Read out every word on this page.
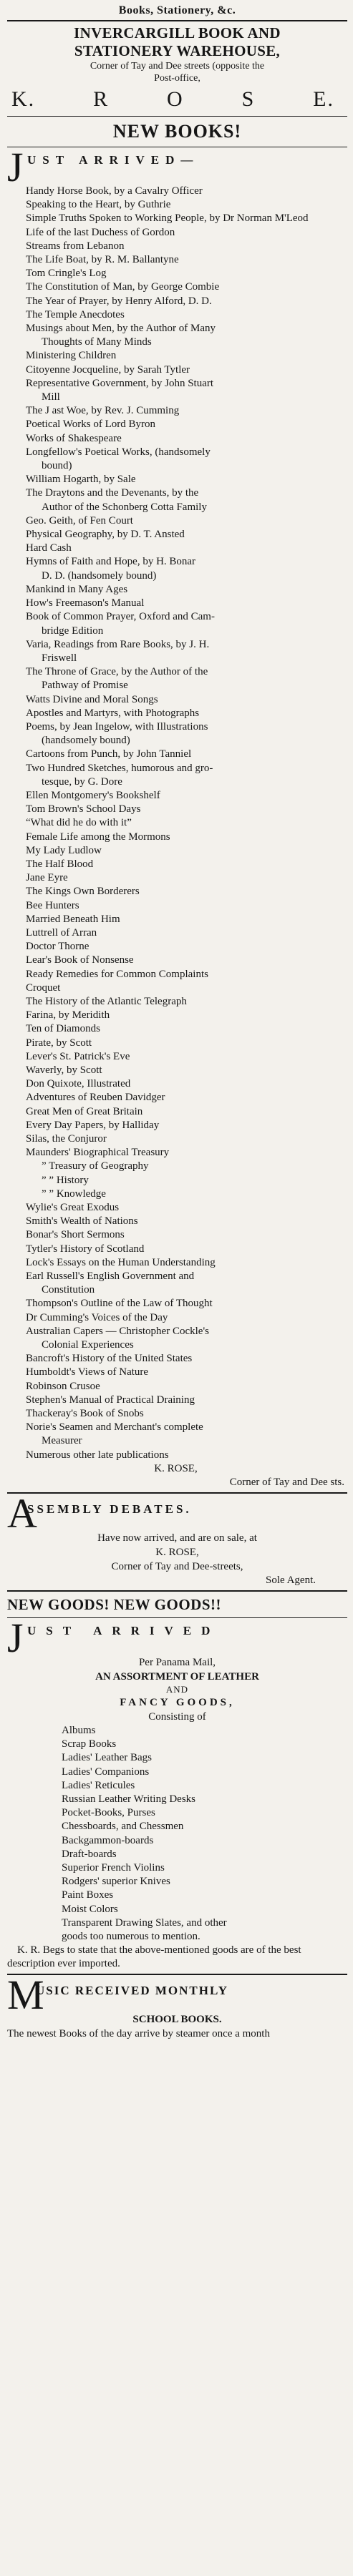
Books, Stationery, &c.
INVERCARGILL BOOK AND
STATIONERY WAREHOUSE,
Corner of Tay and Dee streets (opposite the
Post-office,
K.	R	O	S	E.
NEW BOOKS!
J UST ARRIVED—
Handy Horse Book, by a Cavalry Officer
Speaking to the Heart, by Guthrie
Simple Truths Spoken to Working People, by Dr Norman M'Leod
Life of the last Duchess of Gordon
Streams from Lebanon
The Life Boat, by R. M. Ballantyne
Tom Cringle's Log
The Constitution of Man, by George Combie
The Year of Prayer, by Henry Alford, D. D.
The Temple Anecdotes
Musings about Men, by the Author of Many
Thoughts of Many Minds
Ministering Children
Citoyenne Jocqueline, by Sarah Tytler
Representative Government, by John Stuart
Mill
The J ast Woe, by Rev. J. Cumming
Poetical Works of Lord Byron
Works of Shakespeare
Longfellow's Poetical Works, (handsomely
bound)
William Hogarth, by Sale
The Draytons and the Devenants, by the
Author of the Schonberg Cotta Family
Geo. Geith, of Fen Court
Physical Geography, by D. T. Ansted
Hard Cash
Hymns of Faith and Hope, by H. Bonar
D. D. (handsomely bound)
Mankind in Many Ages
How's Freemason's Manual
Book of Common Prayer, Oxford and Cam-
bridge Edition
Varia, Readings from Rare Books, by J. H.
Friswell
The Throne of Grace, by the Author of the
Pathway of Promise
Watts Divine and Moral Songs
Apostles and Martyrs, with Photographs
Poems, by Jean Ingelow, with Illustrations
(handsomely bound)
Cartoons from Punch, by John Tanniel
Two Hundred Sketches, humorous and gro-
tesque, by G. Dore
Ellen Montgomery's Bookshelf
Tom Brown's School Days
“What did he do with it”
Female Life among the Mormons
My Lady Ludlow
The Half Blood
Jane Eyre
The Kings Own Borderers
Bee Hunters
Married Beneath Him
Luttrell of Arran
Doctor Thorne
Lear's Book of Nonsense
Ready Remedies for Common Complaints
Croquet
The History of the Atlantic Telegraph
Farina, by Meridith
Ten of Diamonds
Pirate, by Scott
Lever's St. Patrick's Eve
Waverly, by Scott
Don Quixote, Illustrated
Adventures of Reuben Davidger
Great Men of Great Britain
Every Day Papers, by Halliday
Silas, the Conjuror
Maunders' Biographical Treasury
” Treasury of Geography
” ” History
” ” Knowledge
Wylie's Great Exodus
Smith's Wealth of Nations
Bonar's Short Sermons
Tytler's History of Scotland
Lock's Essays on the Human Understanding
Earl Russell's English Government and
Constitution
Thompson's Outline of the Law of Thought
Dr Cumming's Voices of the Day
Australian Capers — Christopher Cockle's
Colonial Experiences
Bancroft's History of the United States
Humboldt's Views of Nature
Robinson Crusoe
Stephen's Manual of Practical Draining
Thackeray's Book of Snobs
Norie's Seamen and Merchant's complete
Measurer
Numerous other late publications
K. ROSE,
Corner of Tay and Dee sts.
A
SSEMBLY DEBATES.
Have now arrived, and are on sale, at
K. ROSE,
Corner of Tay and Dee-streets,
Sole Agent.
NEW GOODS! NEW GOODS!!
J UST ARRIVED
Per Panama Mail,
AN ASSORTMENT OF LEATHER
AND
FANCY GOODS,
Consisting of
Albums
Scrap Books
Ladies' Leather Bags
Ladies' Companions
Ladies' Reticules
Russian Leather Writing Desks
Pocket-Books, Purses
Chessboards, and Chessmen
Backgammon-boards
Draft-boards
Superior French Violins
Rodgers' superior Knives
Paint Boxes
Moist Colors
Transparent Drawing Slates, and other
goods too numerous to mention.
K. R. Begs to state that the above-mentioned goods are of the best description ever imported.
M
USIC RECEIVED MONTHLY
SCHOOL BOOKS.
The newest Books of the day arrive by steamer once a month
